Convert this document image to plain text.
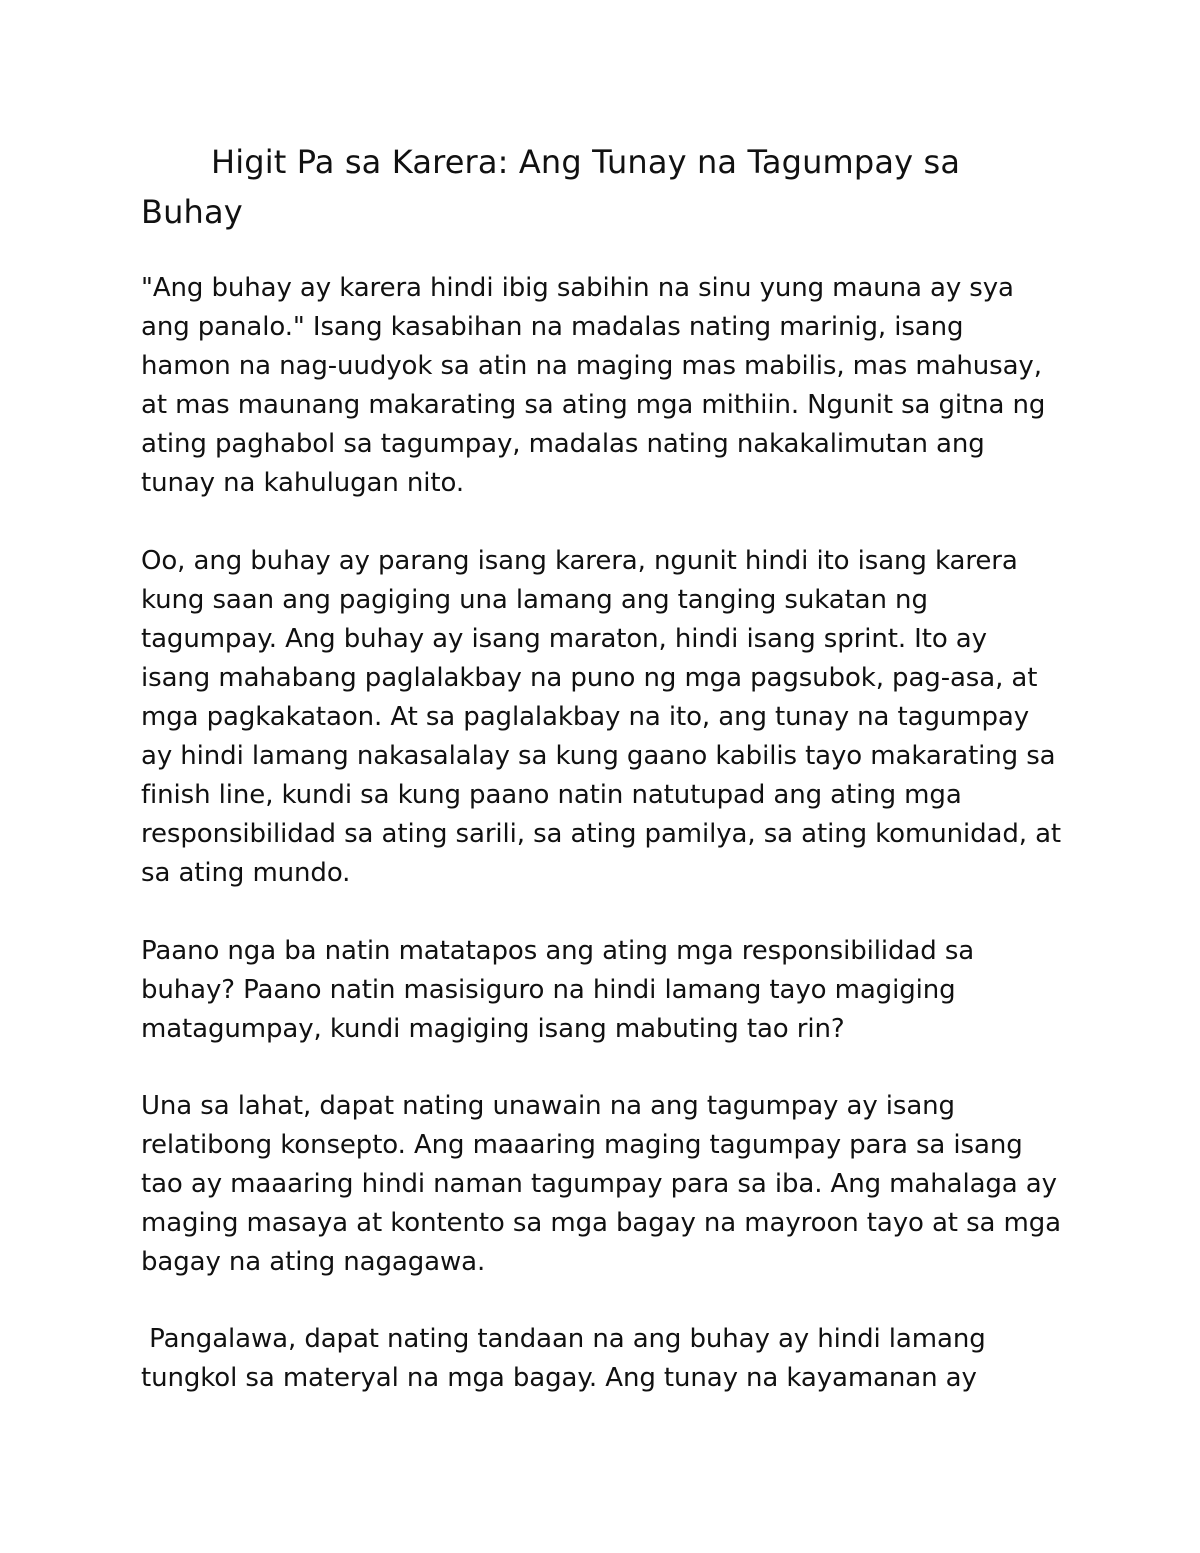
Higit Pa sa Karera: Ang Tunay na Tagumpay sa Buhay

"Ang buhay ay karera hindi ibig sabihin na sinu yung mauna ay sya ang panalo." Isang kasabihan na madalas nating marinig, isang hamon na nag-uudyok sa atin na maging mas mabilis, mas mahusay, at mas maunang makarating sa ating mga mithiin. Ngunit sa gitna ng ating paghabol sa tagumpay, madalas nating nakakalimutan ang tunay na kahulugan nito.

Oo, ang buhay ay parang isang karera, ngunit hindi ito isang karera kung saan ang pagiging una lamang ang tanging sukatan ng tagumpay. Ang buhay ay isang maraton, hindi isang sprint. Ito ay isang mahabang paglalakbay na puno ng mga pagsubok, pag-asa, at mga pagkakataon. At sa paglalakbay na ito, ang tunay na tagumpay ay hindi lamang nakasalalay sa kung gaano kabilis tayo makarating sa finish line, kundi sa kung paano natin natutupad ang ating mga responsibilidad sa ating sarili, sa ating pamilya, sa ating komunidad, at sa ating mundo.

Paano nga ba natin matatapos ang ating mga responsibilidad sa buhay? Paano natin masisiguro na hindi lamang tayo magiging matagumpay, kundi magiging isang mabuting tao rin?

Una sa lahat, dapat nating unawain na ang tagumpay ay isang relatibong konsepto. Ang maaaring maging tagumpay para sa isang tao ay maaaring hindi naman tagumpay para sa iba. Ang mahalaga ay maging masaya at kontento sa mga bagay na mayroon tayo at sa mga bagay na ating nagagawa.

Pangalawa, dapat nating tandaan na ang buhay ay hindi lamang tungkol sa materyal na mga bagay. Ang tunay na kayamanan ay
